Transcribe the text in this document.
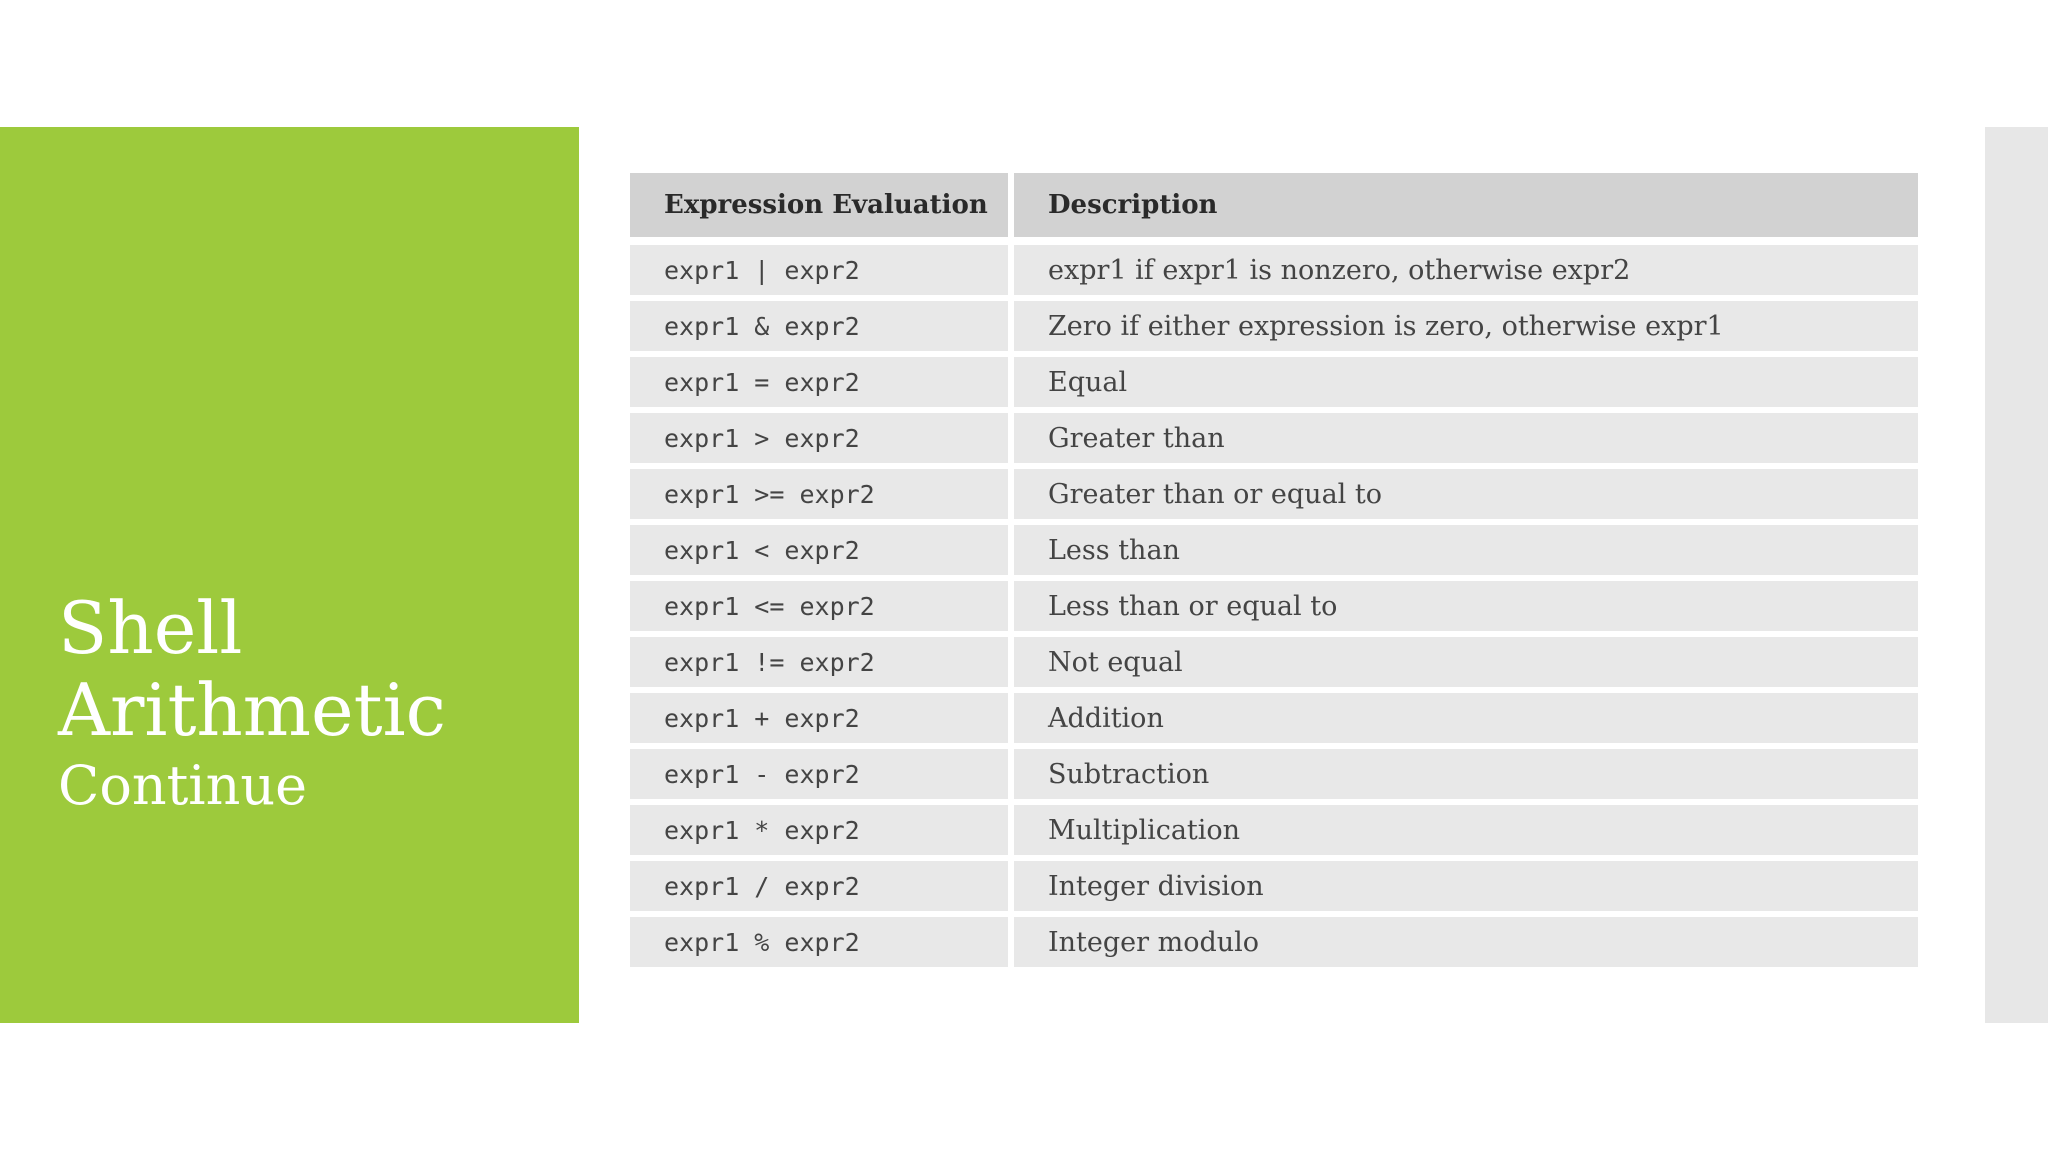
Shell
Arithmetic
Continue
Expression Evaluation	Description
expr1 | expr2	expr1 if expr1 is nonzero, otherwise expr2
expr1 & expr2	Zero if either expression is zero, otherwise expr1
expr1 = expr2	Equal
expr1 > expr2	Greater than
expr1 >= expr2	Greater than or equal to
expr1 < expr2	Less than
expr1 <= expr2	Less than or equal to
expr1 != expr2	Not equal
expr1 + expr2	Addition
expr1 - expr2	Subtraction
expr1 * expr2	Multiplication
expr1 / expr2	Integer division
expr1 % expr2	Integer modulo
